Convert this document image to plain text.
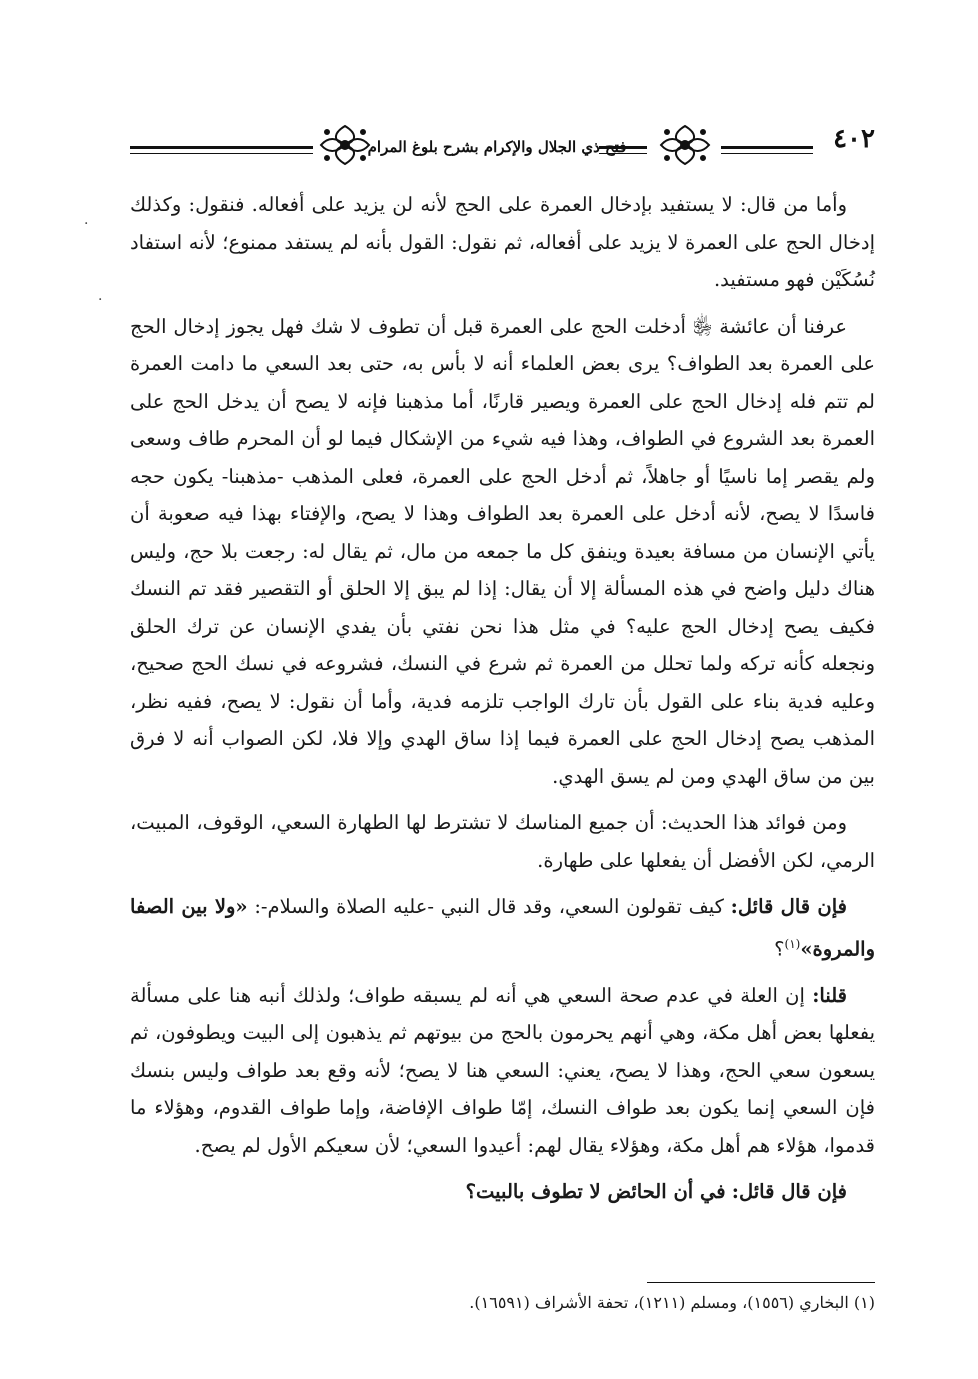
٤٠٢
فتح ذي الجلال والإكرام بشرح بلوغ المرام

وأما من قال: لا يستفيد بإدخال العمرة على الحج لأنه لن يزيد على أفعاله. فنقول: وكذلك إدخال الحج على العمرة لا يزيد على أفعاله، ثم نقول: القول بأنه لم يستفد ممنوع؛ لأنه استفاد نُسُكَيْن فهو مستفيد.

عرفنا أن عائشة ﵂ أدخلت الحج على العمرة قبل أن تطوف لا شك فهل يجوز إدخال الحج على العمرة بعد الطواف؟ يرى بعض العلماء أنه لا بأس به، حتى بعد السعي ما دامت العمرة لم تتم فله إدخال الحج على العمرة ويصير قارنًا، أما مذهبنا فإنه لا يصح أن يدخل الحج على العمرة بعد الشروع في الطواف، وهذا فيه شيء من الإشكال فيما لو أن المحرم طاف وسعى ولم يقصر إما ناسيًا أو جاهلاً، ثم أدخل الحج على العمرة، فعلى المذهب -مذهبنا- يكون حجه فاسدًا لا يصح، لأنه أدخل على العمرة بعد الطواف وهذا لا يصح، والإفتاء بهذا فيه صعوبة أن يأتي الإنسان من مسافة بعيدة وينفق كل ما جمعه من مال، ثم يقال له: رجعت بلا حج، وليس هناك دليل واضح في هذه المسألة إلا أن يقال: إذا لم يبق إلا الحلق أو التقصير فقد تم النسك فكيف يصح إدخال الحج عليه؟ في مثل هذا نحن نفتي بأن يفدي الإنسان عن ترك الحلق ونجعله كأنه تركه ولما تحلل من العمرة ثم شرع في النسك، فشروعه في نسك الحج صحيح، وعليه فدية بناء على القول بأن تارك الواجب تلزمه فدية، وأما أن نقول: لا يصح، ففيه نظر، المذهب يصح إدخال الحج على العمرة فيما إذا ساق الهدي وإلا فلا، لكن الصواب أنه لا فرق بين من ساق الهدي ومن لم يسق الهدي.

ومن فوائد هذا الحديث: أن جميع المناسك لا تشترط لها الطهارة السعي، الوقوف، المبيت، الرمي، لكن الأفضل أن يفعلها على طهارة.

فإن قال قائل: كيف تقولون السعي، وقد قال النبي -عليه الصلاة والسلام-: «ولا بين الصفا والمروة»$^{(١)}$؟

قلنا: إن العلة في عدم صحة السعي هي أنه لم يسبقه طواف؛ ولذلك أنبه هنا على مسألة يفعلها بعض أهل مكة، وهي أنهم يحرمون بالحج من بيوتهم ثم يذهبون إلى البيت ويطوفون، ثم يسعون سعي الحج، وهذا لا يصح، يعني: السعي هنا لا يصح؛ لأنه وقع بعد طواف وليس بنسك فإن السعي إنما يكون بعد طواف النسك، إمّا طواف الإفاضة، وإما طواف القدوم، وهؤلاء ما قدموا، هؤلاء هم أهل مكة، وهؤلاء يقال لهم: أعيدوا السعي؛ لأن سعيكم الأول لم يصح.

فإن قال قائل: في أن الحائض لا تطوف بالبيت؟

(١) البخاري (١٥٥٦)، ومسلم (١٢١١)، تحفة الأشراف (١٦٥٩١).
·
·
